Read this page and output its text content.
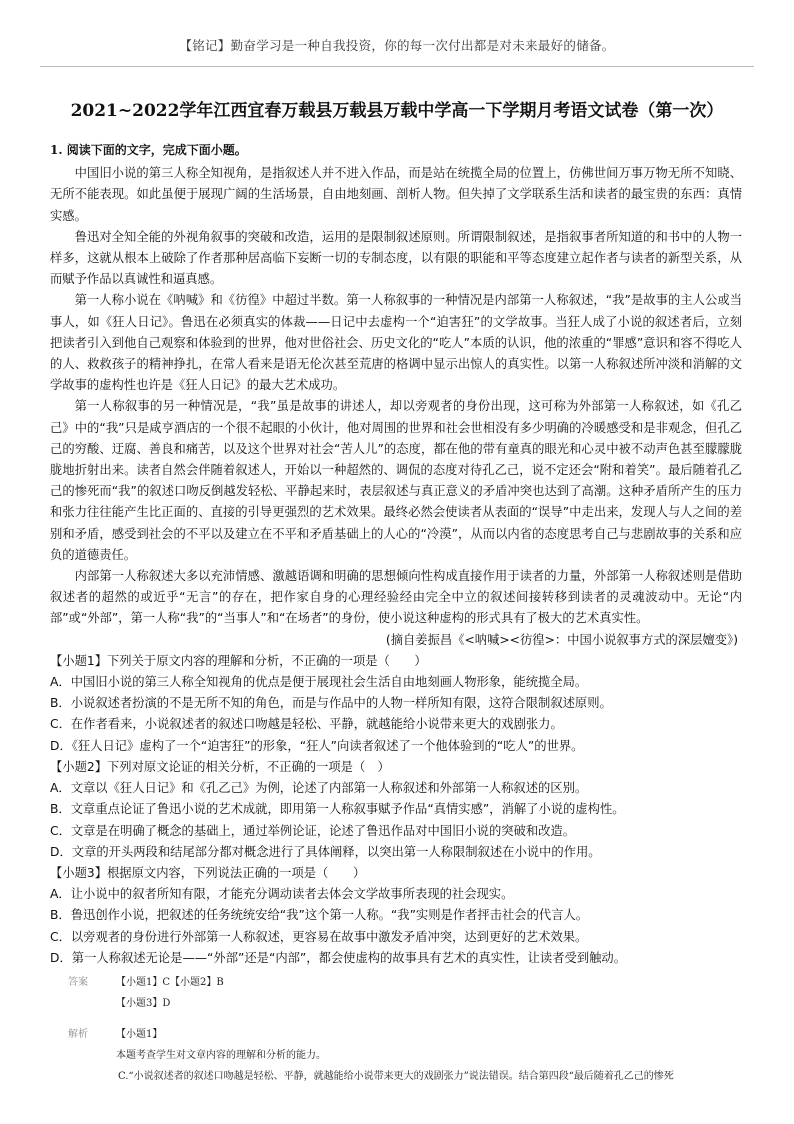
【铭记】勤奋学习是一种自我投资，你的每一次付出都是对未来最好的储备。
2021~2022学年江西宜春万载县万载县万载中学高一下学期月考语文试卷（第一次）
1. 阅读下面的文字，完成下面小题。

中国旧小说的第三人称全知视角，是指叙述人并不进入作品，而是站在统揽全局的位置上，仿佛世间万事万物无所不知晓、无所不能表现。如此虽便于展现广阔的生活场景，自由地刻画、剖析人物。但失掉了文学联系生活和读者的最宝贵的东西：真情实感。

鲁迅对全知全能的外视角叙事的突破和改造，运用的是限制叙述原则。所谓限制叙述，是指叙事者所知道的和书中的人物一样多，这就从根本上破除了作者那种居高临下妄断一切的专制态度，以有限的职能和平等态度建立起作者与读者的新型关系，从而赋予作品以真诚性和逼真感。

第一人称小说在《呐喊》和《彷徨》中超过半数。第一人称叙事的一种情况是内部第一人称叙述，“我”是故事的主人公或当事人，如《狂人日记》。鲁迅在必须真实的体裁——日记中去虚构一个“迫害狂”的文学故事。当狂人成了小说的叙述者后，立刻把读者引入到他自己观察和体验到的世界，他对世俗社会、历史文化的“吃人”本质的认识，他的浓重的“罪感”意识和容不得吃人的人、救救孩子的精神挣扎，在常人看来是语无伦次甚至荒唐的格调中显示出惊人的真实性。以第一人称叙述所冲淡和消解的文学故事的虚构性也许是《狂人日记》的最大艺术成功。

第一人称叙事的另一种情况是，“我”虽是故事的讲述人，却以旁观者的身份出现，这可称为外部第一人称叙述，如《孔乙己》中的“我”只是咸亨酒店的一个很不起眼的小伙计，他对周围的世界和社会世相没有多少明确的冷暖感受和是非观念，但孔乙己的穷酸、迂腐、善良和痛苦，以及这个世界对社会“苦人儿”的态度，都在他的带有童真的眼光和心灵中被不动声色甚至朦朦胧胧地折射出来。读者自然会伴随着叙述人，开始以一种超然的、调侃的态度对待孔乙己，说不定还会“附和着笑”。最后随着孔乙己的惨死而“我”的叙述口吻反倒越发轻松、平静起来时，表层叙述与真正意义的矛盾冲突也达到了高潮。这种矛盾所产生的压力和张力往往能产生比正面的、直接的引导更强烈的艺术效果。最终必然会使读者从表面的“误导”中走出来，发现人与人之间的差别和矛盾，感受到社会的不平以及建立在不平和矛盾基础上的人心的“冷漠”，从而以内省的态度思考自己与悲剧故事的关系和应负的道德责任。

内部第一人称叙述大多以充沛情感、激越语调和明确的思想倾向性构成直接作用于读者的力量，外部第一人称叙述则是借助叙述者的超然的或近乎“无言”的存在，把作家自身的心理经验经由完全中立的叙述间接转移到读者的灵魂波动中。无论“内部”或“外部”，第一人称“我”的“当事人”和“在场者”的身份，使小说这种虚构的形式具有了极大的艺术真实性。

(摘自姜振昌《<呐喊><彷徨>：中国小说叙事方式的深层嬗变》)

【小题1】下列关于原文内容的理解和分析，不正确的一项是（　　）

A．中国旧小说的第三人称全知视角的优点是便于展现社会生活自由地刻画人物形象，能统揽全局。

B．小说叙述者扮演的不是无所不知的角色，而是与作品中的人物一样所知有限，这符合限制叙述原则。

C．在作者看来，小说叙述者的叙述口吻越是轻松、平静，就越能给小说带来更大的戏剧张力。

D．《狂人日记》虚构了一个“迫害狂”的形象，“狂人”向读者叙述了一个他体验到的“吃人”的世界。

【小题2】下列对原文论证的相关分析，不正确的一项是（　）

A．文章以《狂人日记》和《孔乙己》为例，论述了内部第一人称叙述和外部第一人称叙述的区别。

B．文章重点论证了鲁迅小说的艺术成就，即用第一人称叙事赋予作品“真情实感”，消解了小说的虚构性。

C．文章是在明确了概念的基础上，通过举例论证，论述了鲁迅作品对中国旧小说的突破和改造。

D．文章的开头两段和结尾部分都对概念进行了具体阐释，以突出第一人称限制叙述在小说中的作用。

【小题3】根据原文内容，下列说法正确的一项是（　　）

A．让小说中的叙者所知有限，才能充分调动读者去体会文学故事所表现的社会现实。

B．鲁迅创作小说，把叙述的任务统统安给“我”这个第一人称。“我”实则是作者抨击社会的代言人。

C．以旁观者的身份进行外部第一人称叙述，更容易在故事中激发矛盾冲突，达到更好的艺术效果。

D．第一人称叙述无论是——“外部”还是“内部”，都会使虚构的故事具有艺术的真实性，让读者受到触动。

答案	【小题1】C【小题2】B
【小题3】D
解析	【小题1】
本题考查学生对文章内容的理解和分析的能力。
C.“小说叙述者的叙述口吻越是轻松、平静，就越能给小说带来更大的戏剧张力”说法错误。结合第四段“最后随着孔乙己的惨死
